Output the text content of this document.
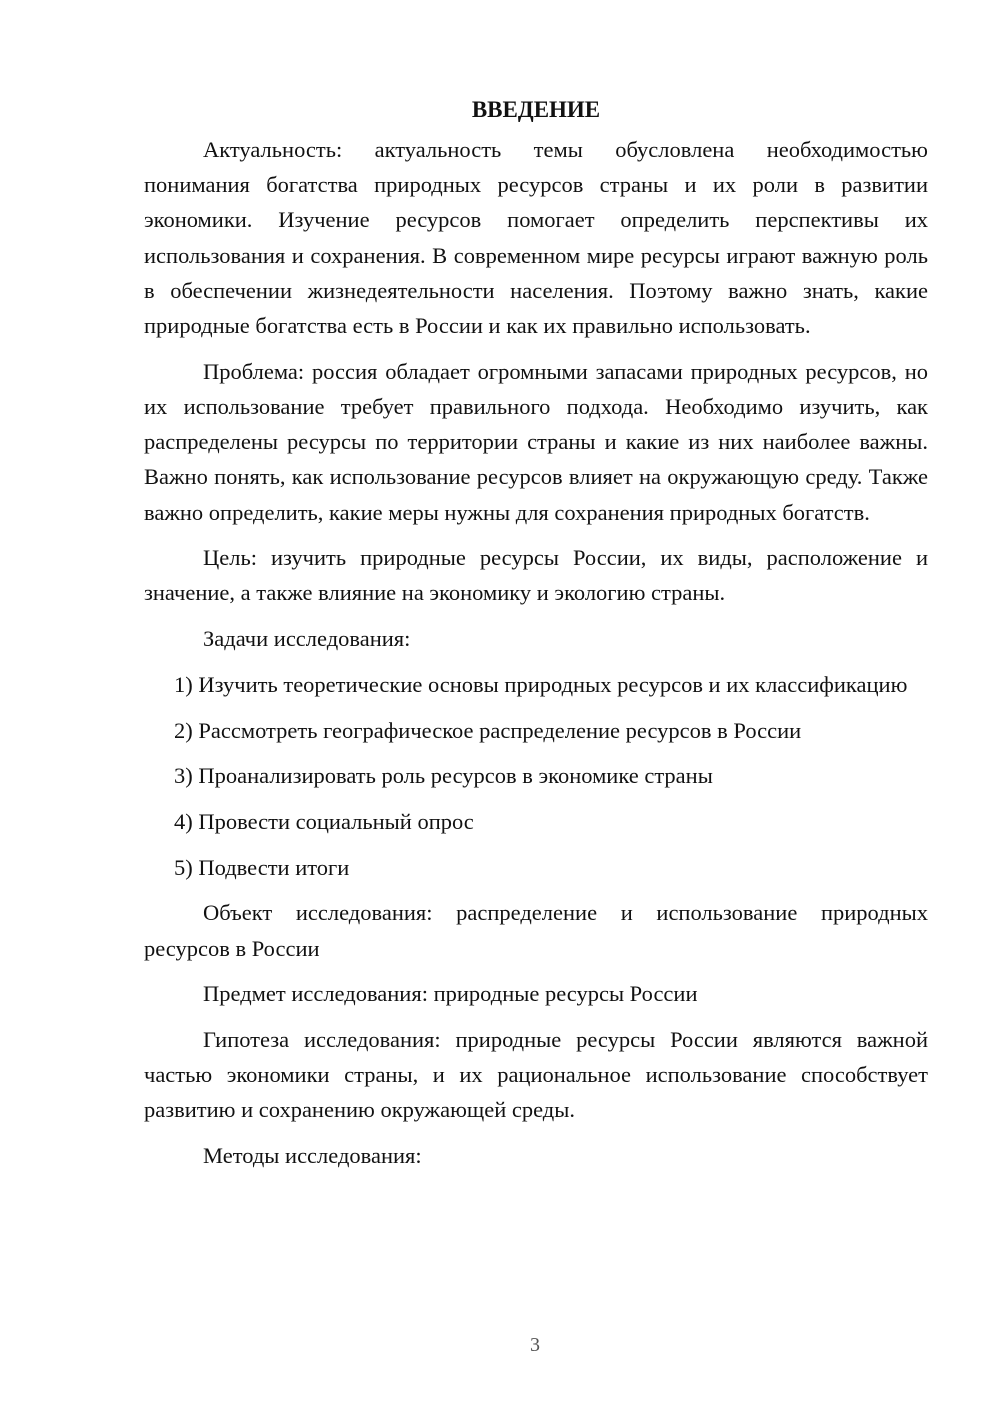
ВВЕДЕНИЕ

Актуальность: актуальность темы обусловлена необходимостью понимания богатства природных ресурсов страны и их роли в развитии экономики. Изучение ресурсов помогает определить перспективы их использования и сохранения. В современном мире ресурсы играют важную роль в обеспечении жизнедеятельности населения. Поэтому важно знать, какие природные богатства есть в России и как их правильно использовать.

Проблема: россия обладает огромными запасами природных ресурсов, но их использование требует правильного подхода. Необходимо изучить, как распределены ресурсы по территории страны и какие из них наиболее важны. Важно понять, как использование ресурсов влияет на окружающую среду. Также важно определить, какие меры нужны для сохранения природных богатств.

Цель: изучить природные ресурсы России, их виды, расположение и значение, а также влияние на экономику и экологию страны.

Задачи исследования:

1) Изучить теоретические основы природных ресурсов и их классификацию

2) Рассмотреть географическое распределение ресурсов в России

3) Проанализировать роль ресурсов в экономике страны

4) Провести социальный опрос

5) Подвести итоги

Объект исследования: распределение и использование природных ресурсов в России

Предмет исследования: природные ресурсы России

Гипотеза исследования: природные ресурсы России являются важной частью экономики страны, и их рациональное использование способствует развитию и сохранению окружающей среды.

Методы исследования:

3
